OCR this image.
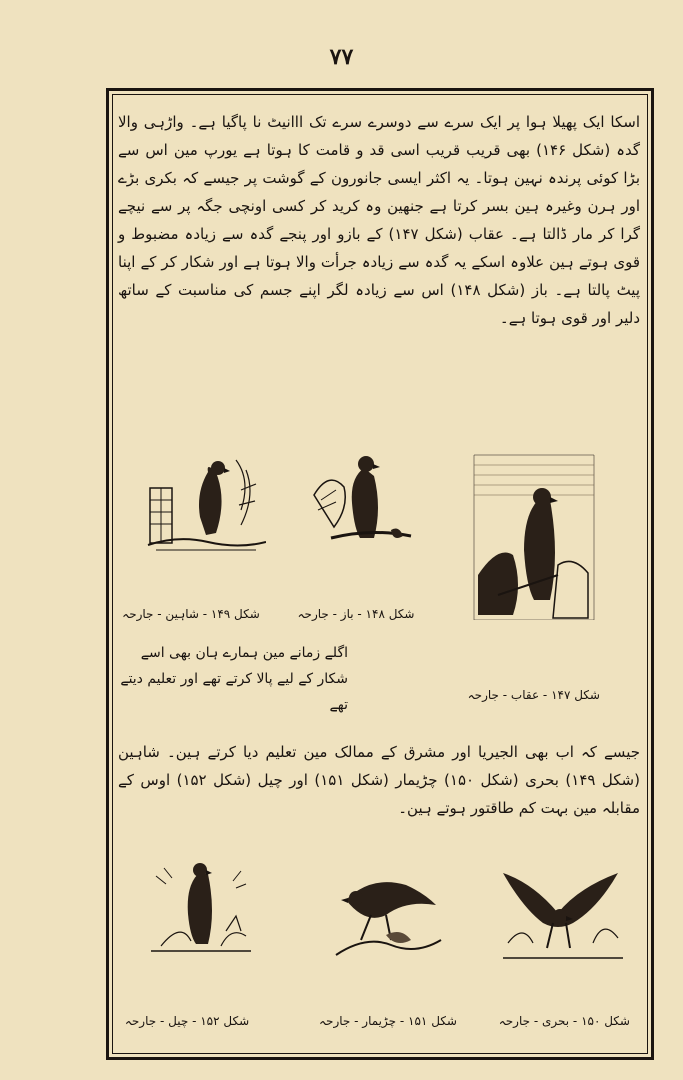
۷۷

اسکا ایک پھیلا ہوا پر ایک سرے سے دوسرے سرے تک ااانیٹ نا پاگیا ہے۔ واڑہی والا گدہ (شکل ۱۴۶) بھی قریب قریب اسی قد و قامت کا ہوتا ہے یورپ مین اس سے بڑا کوئی پرندہ نہین ہوتا۔ یہ اکثر ایسی جانورون کے گوشت پر جیسے کہ بکری بڑے اور ہرن وغیرہ ہین بسر کرتا ہے جنھین وہ کرید کر کسی اونچی جگہ پر سے نیچے گرا کر مار ڈالتا ہے۔ عقاب (شکل ۱۴۷) کے بازو اور پنجے گدہ سے زیادہ مضبوط و قوی ہوتے ہین علاوہ اسکے یہ گدہ سے زیادہ جرأت والا ہوتا ہے اور شکار کر کے اپنا پیٹ پالتا ہے۔ باز (شکل ۱۴۸) اس سے زیادہ لگر اپنے جسم کی مناسبت کے ساتھ دلیر اور قوی ہوتا ہے۔

شکل ۱۴۹ - شاہین - جارحہ	شکل ۱۴۸ - باز - جارحہ
شکل ۱۴۷ - عقاب - جارحہ

اگلے زمانے مین ہمارے ہان بھی اسے شکار کے لیے پالا کرتے تھے اور تعلیم دیتے تھے

جیسے کہ اب بھی الجیریا اور مشرق کے ممالک مین تعلیم دیا کرتے ہین۔ شاہین (شکل ۱۴۹) بحری (شکل ۱۵۰) چڑیمار (شکل ۱۵۱) اور چیل (شکل ۱۵۲) اوس کے مقابلہ مین بہت کم طاقتور ہوتے ہین۔

شکل ۱۵۲ - چیل - جارحہ	شکل ۱۵۱ - چڑیمار - جارحہ	شکل ۱۵۰ - بحری - جارحہ
